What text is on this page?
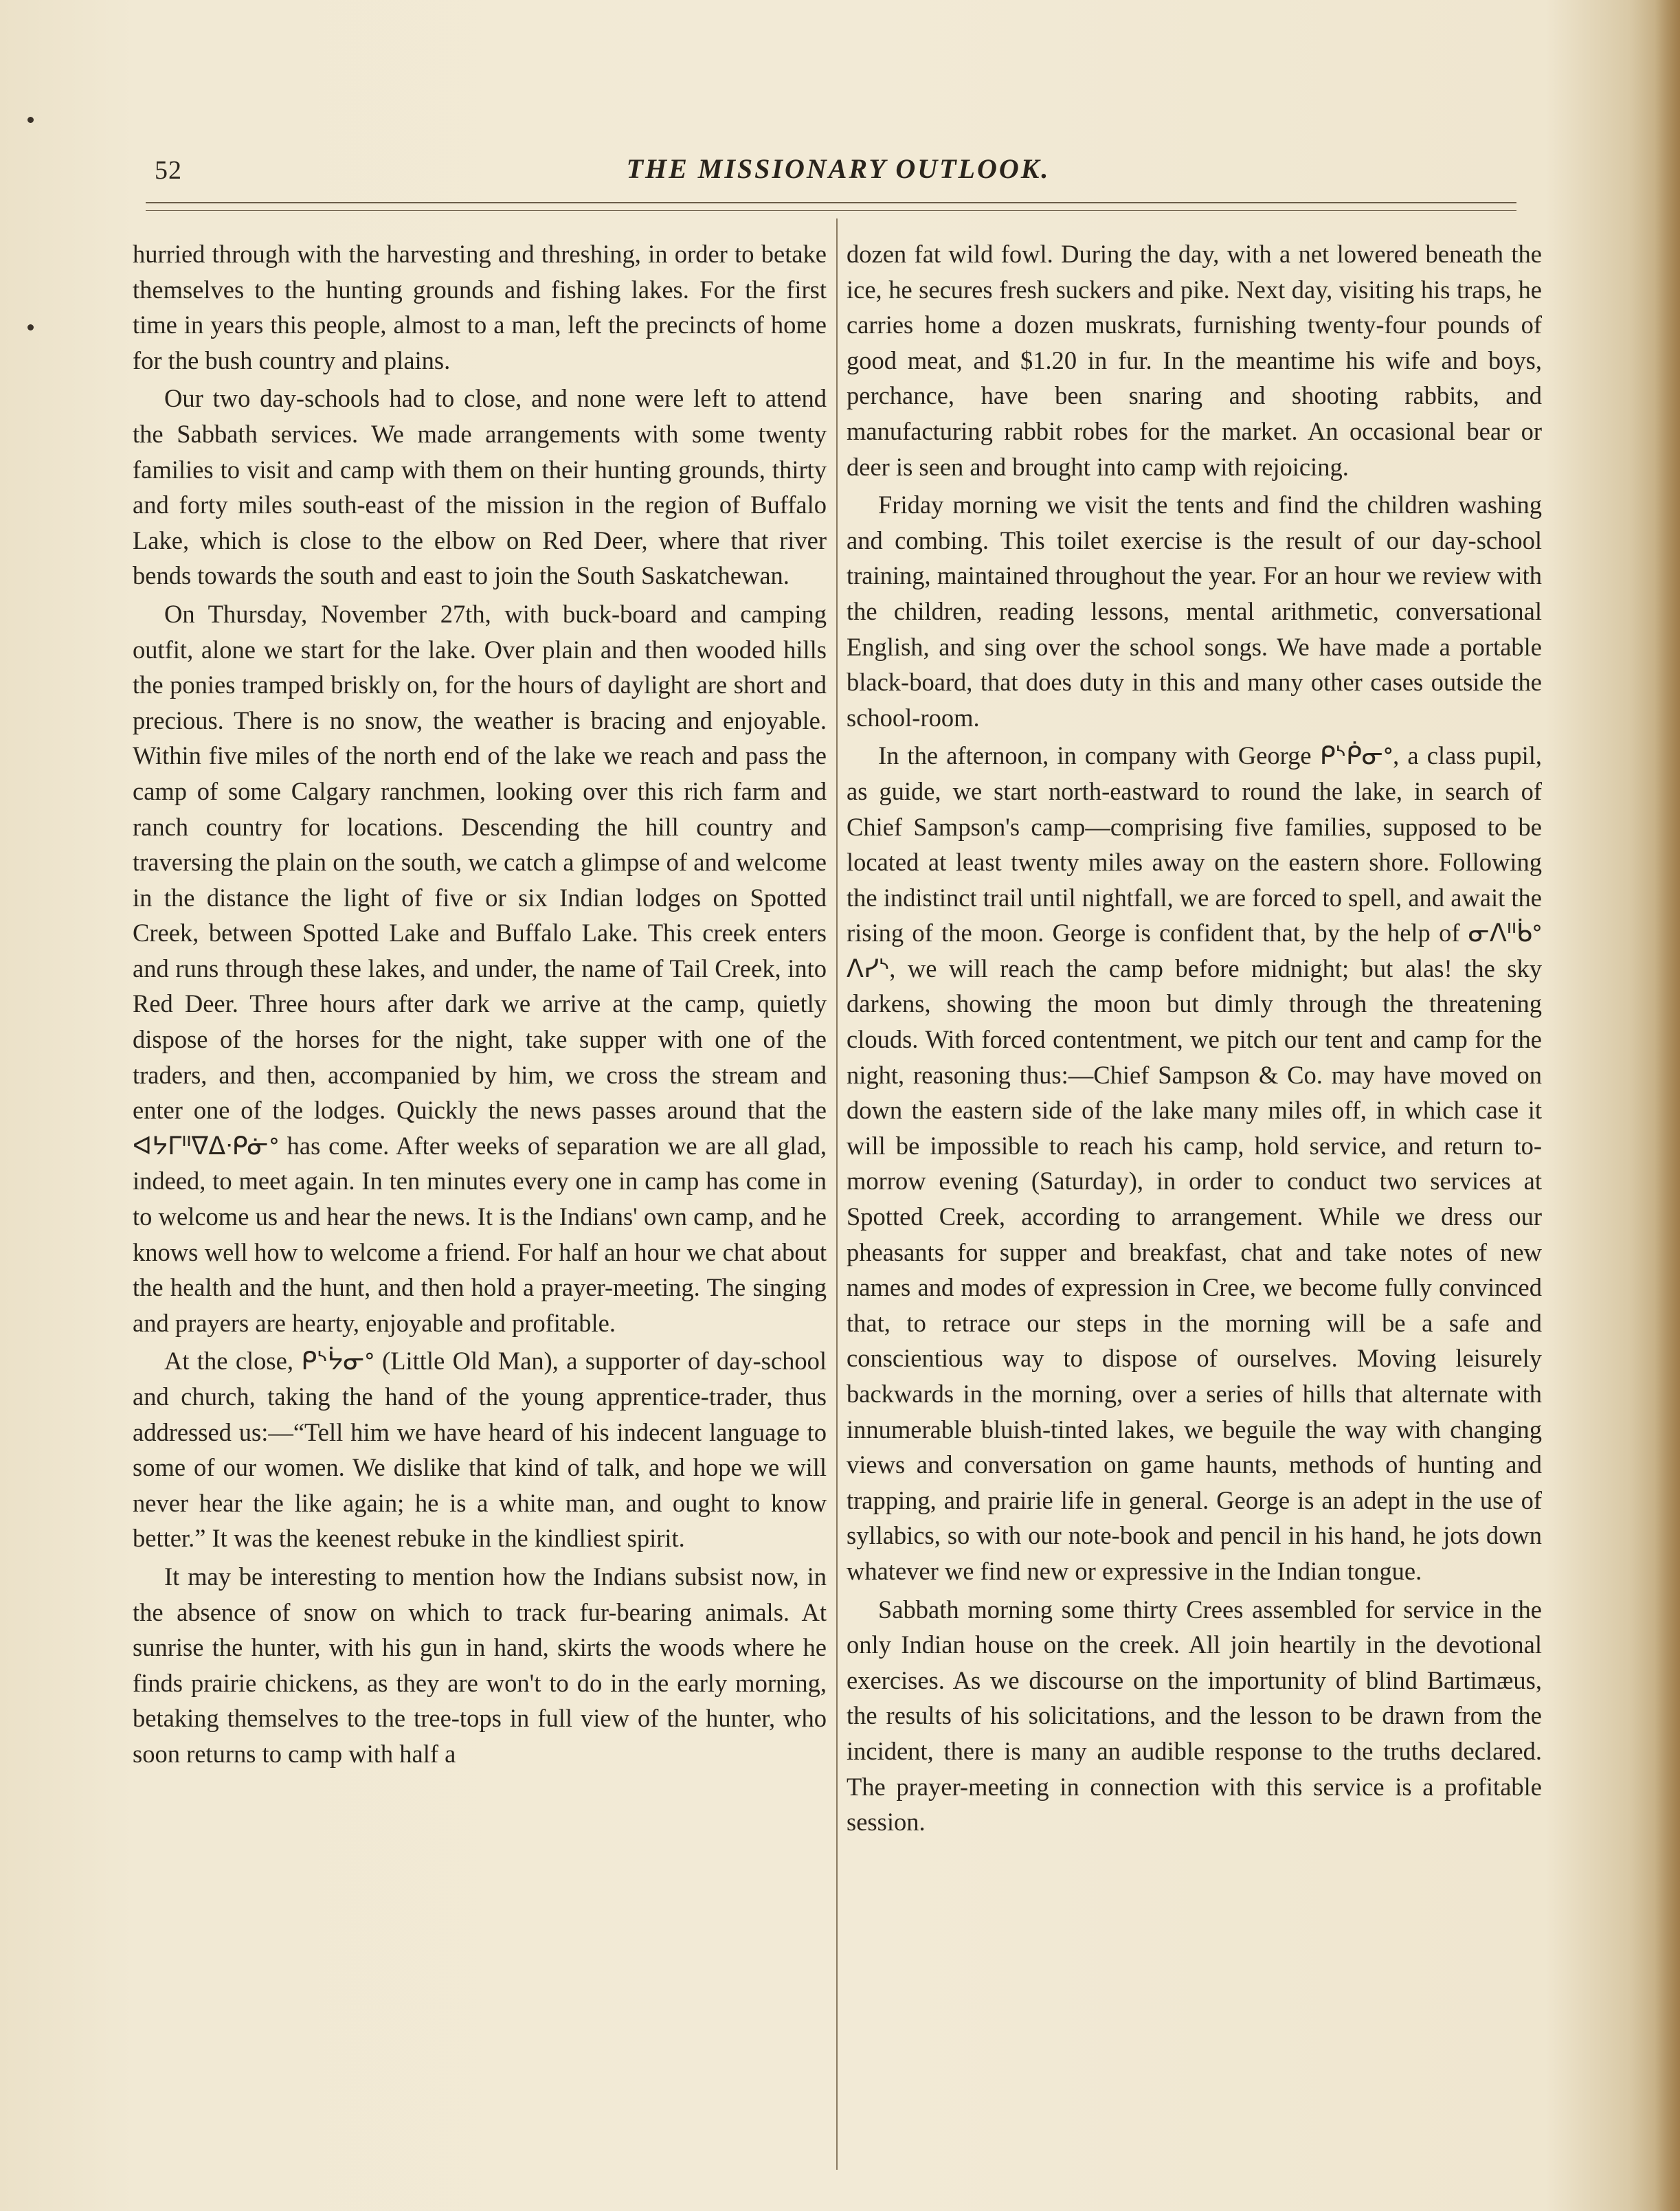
52	THE MISSIONARY OUTLOOK.

hurried through with the harvesting and threshing, in order to betake themselves to the hunting grounds and fishing lakes. For the first time in years this people, almost to a man, left the precincts of home for the bush country and plains.

Our two day-schools had to close, and none were left to attend the Sabbath services. We made arrangements with some twenty families to visit and camp with them on their hunting grounds, thirty and forty miles south-east of the mission in the region of Buffalo Lake, which is close to the elbow on Red Deer, where that river bends towards the south and east to join the South Saskatchewan.

On Thursday, November 27th, with buck-board and camping outfit, alone we start for the lake. Over plain and then wooded hills the ponies tramped briskly on, for the hours of daylight are short and precious. There is no snow, the weather is bracing and enjoyable. Within five miles of the north end of the lake we reach and pass the camp of some Calgary ranchmen, looking over this rich farm and ranch country for locations. Descending the hill country and traversing the plain on the south, we catch a glimpse of and welcome in the distance the light of five or six Indian lodges on Spotted Creek, between Spotted Lake and Buffalo Lake. This creek enters and runs through these lakes, and under, the name of Tail Creek, into Red Deer. Three hours after dark we arrive at the camp, quietly dispose of the horses for the night, take supper with one of the traders, and then, accompanied by him, we cross the stream and enter one of the lodges. Quickly the news passes around that the ᐊᔭᒥᐦᐁᐃᐧᑭᓃᐤ has come. After weeks of separation we are all glad, indeed, to meet again. In ten minutes every one in camp has come in to welcome us and hear the news. It is the Indians' own camp, and he knows well how to welcome a friend. For half an hour we chat about the health and the hunt, and then hold a prayer-meeting. The singing and prayers are hearty, enjoyable and profitable.

At the close, ᑭᔅᔮᓂᐤ (Little Old Man), a supporter of day-school and church, taking the hand of the young apprentice-trader, thus addressed us:—“Tell him we have heard of his indecent language to some of our women. We dislike that kind of talk, and hope we will never hear the like again; he is a white man, and ought to know better.” It was the keenest rebuke in the kindliest spirit.

It may be interesting to mention how the Indians subsist now, in the absence of snow on which to track fur-bearing animals. At sunrise the hunter, with his gun in hand, skirts the woods where he finds prairie chickens, as they are won't to do in the early morning, betaking themselves to the tree-tops in full view of the hunter, who soon returns to camp with half a

dozen fat wild fowl. During the day, with a net lowered beneath the ice, he secures fresh suckers and pike. Next day, visiting his traps, he carries home a dozen muskrats, furnishing twenty-four pounds of good meat, and $1.20 in fur. In the meantime his wife and boys, perchance, have been snaring and shooting rabbits, and manufacturing rabbit robes for the market. An occasional bear or deer is seen and brought into camp with rejoicing.

Friday morning we visit the tents and find the children washing and combing. This toilet exercise is the result of our day-school training, maintained throughout the year. For an hour we review with the children, reading lessons, mental arithmetic, conversational English, and sing over the school songs. We have made a portable black-board, that does duty in this and many other cases outside the school-room.

In the afternoon, in company with George ᑭᔅᑮᓂᐤ, a class pupil, as guide, we start north-eastward to round the lake, in search of Chief Sampson's camp—comprising five families, supposed to be located at least twenty miles away on the eastern shore. Following the indistinct trail until nightfall, we are forced to spell, and await the rising of the moon. George is confident that, by the help of ᓂᐱᐦᑳᐤ ᐱᓯᔅ, we will reach the camp before midnight; but alas! the sky darkens, showing the moon but dimly through the threatening clouds. With forced contentment, we pitch our tent and camp for the night, reasoning thus:—Chief Sampson & Co. may have moved on down the eastern side of the lake many miles off, in which case it will be impossible to reach his camp, hold service, and return to-morrow evening (Saturday), in order to conduct two services at Spotted Creek, according to arrangement. While we dress our pheasants for supper and breakfast, chat and take notes of new names and modes of expression in Cree, we become fully convinced that, to retrace our steps in the morning will be a safe and conscientious way to dispose of ourselves. Moving leisurely backwards in the morning, over a series of hills that alternate with innumerable bluish-tinted lakes, we beguile the way with changing views and conversation on game haunts, methods of hunting and trapping, and prairie life in general. George is an adept in the use of syllabics, so with our note-book and pencil in his hand, he jots down whatever we find new or expressive in the Indian tongue.

Sabbath morning some thirty Crees assembled for service in the only Indian house on the creek. All join heartily in the devotional exercises. As we discourse on the importunity of blind Bartimæus, the results of his solicitations, and the lesson to be drawn from the incident, there is many an audible response to the truths declared. The prayer-meeting in connection with this service is a profitable session.
